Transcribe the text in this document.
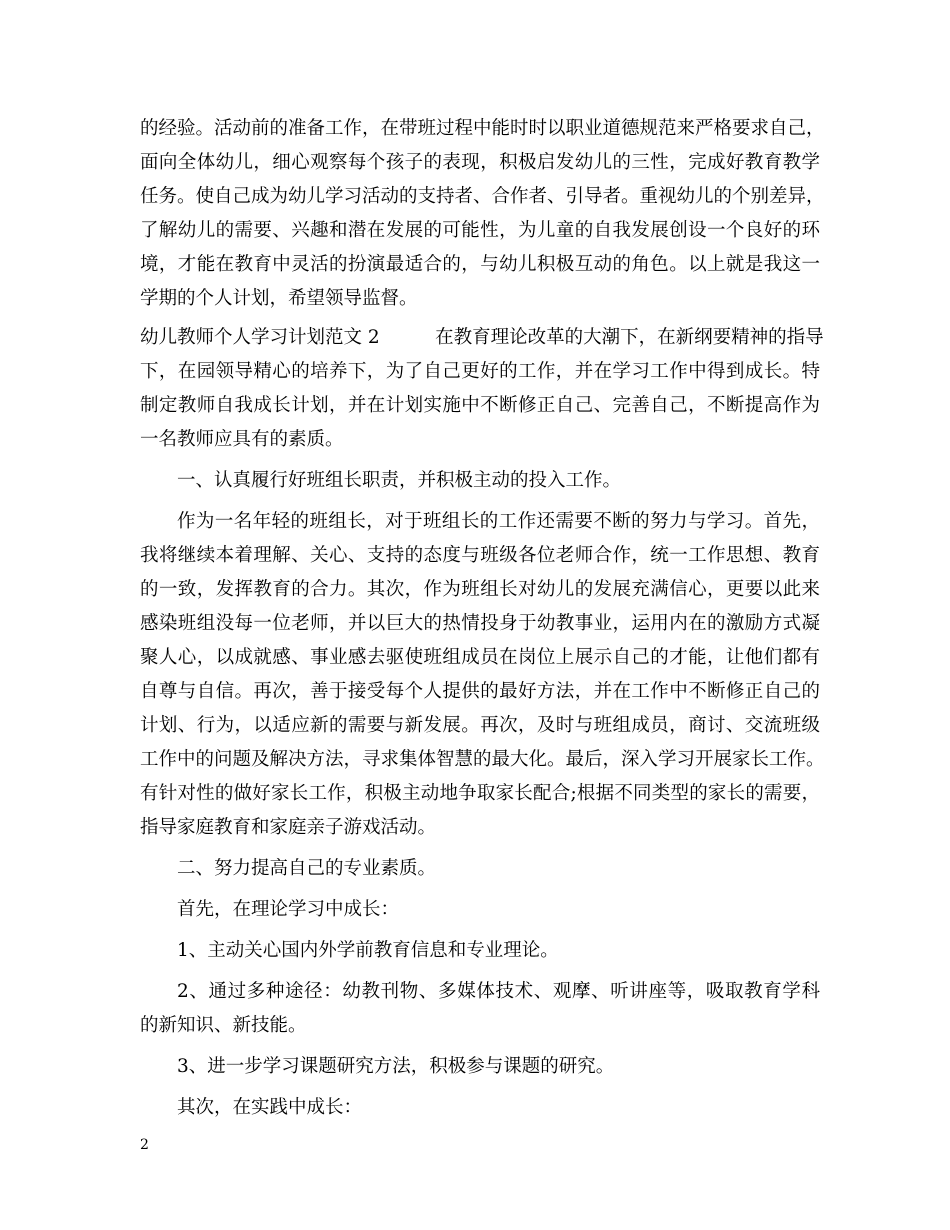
的经验。活动前的准备工作，在带班过程中能时时以职业道德规范来严格要求自己，
面向全体幼儿，细心观察每个孩子的表现，积极启发幼儿的三性，完成好教育教学
任务。使自己成为幼儿学习活动的支持者、合作者、引导者。重视幼儿的个别差异，
了解幼儿的需要、兴趣和潜在发展的可能性，为儿童的自我发展创设一个良好的环
境，才能在教育中灵活的扮演最适合的，与幼儿积极互动的角色。以上就是我这一
学期的个人计划，希望领导监督。
幼儿教师个人学习计划范文 2　　　在教育理论改革的大潮下，在新纲要精神的指导
下，在园领导精心的培养下，为了自己更好的工作，并在学习工作中得到成长。特
制定教师自我成长计划，并在计划实施中不断修正自己、完善自己，不断提高作为
一名教师应具有的素质。
一、认真履行好班组长职责，并积极主动的投入工作。
作为一名年轻的班组长，对于班组长的工作还需要不断的努力与学习。首先，
我将继续本着理解、关心、支持的态度与班级各位老师合作，统一工作思想、教育
的一致，发挥教育的合力。其次，作为班组长对幼儿的发展充满信心，更要以此来
感染班组没每一位老师，并以巨大的热情投身于幼教事业，运用内在的激励方式凝
聚人心，以成就感、事业感去驱使班组成员在岗位上展示自己的才能，让他们都有
自尊与自信。再次，善于接受每个人提供的最好方法，并在工作中不断修正自己的
计划、行为，以适应新的需要与新发展。再次，及时与班组成员，商讨、交流班级
工作中的问题及解决方法，寻求集体智慧的最大化。最后，深入学习开展家长工作。
有针对性的做好家长工作，积极主动地争取家长配合;根据不同类型的家长的需要，
指导家庭教育和家庭亲子游戏活动。
二、努力提高自己的专业素质。
首先，在理论学习中成长：
1、主动关心国内外学前教育信息和专业理论。
2、通过多种途径：幼教刊物、多媒体技术、观摩、听讲座等，吸取教育学科
的新知识、新技能。
3、进一步学习课题研究方法，积极参与课题的研究。
其次，在实践中成长：
2
